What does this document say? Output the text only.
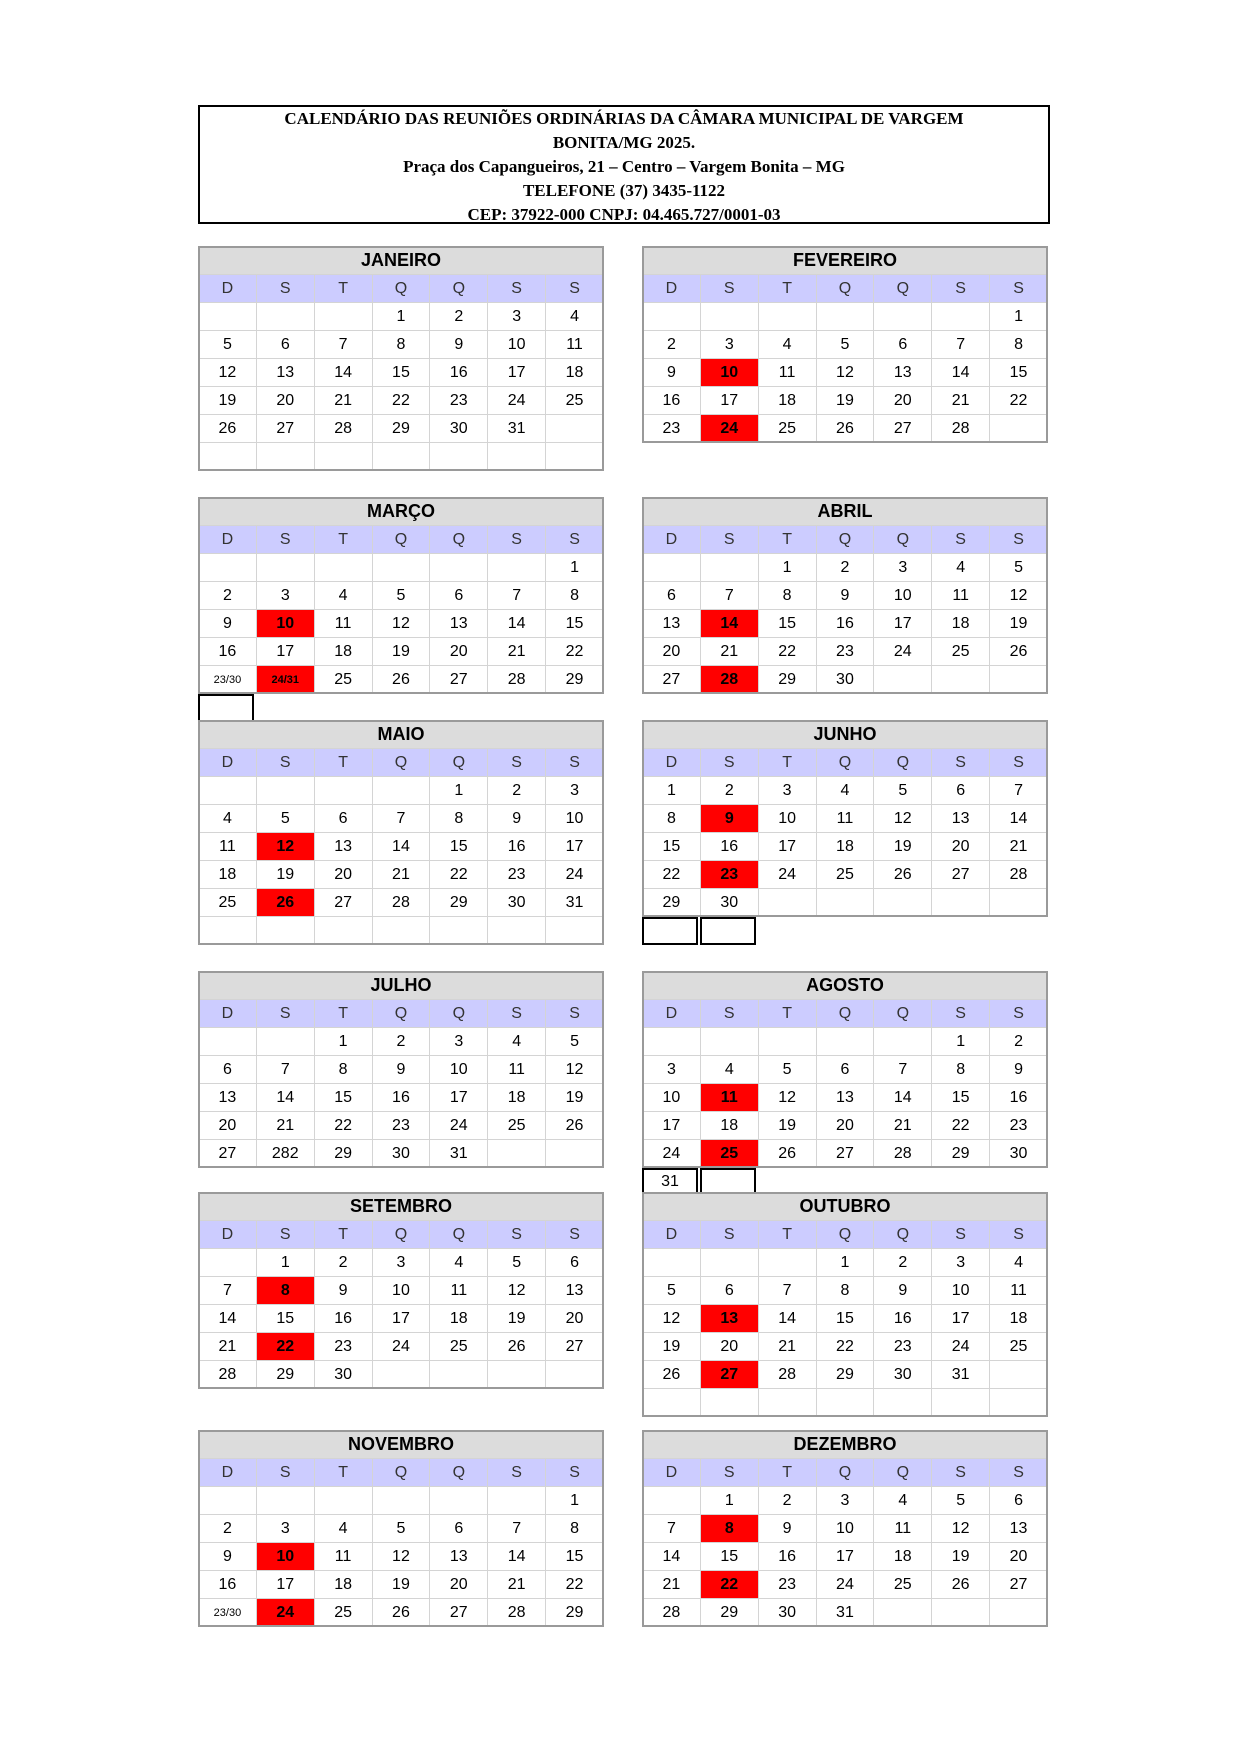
CALENDÁRIO DAS REUNIÕES ORDINÁRIAS DA CÂMARA MUNICIPAL DE VARGEM
BONITA/MG 2025.
Praça dos Capangueiros, 21 – Centro – Vargem Bonita – MG
TELEFONE (37) 3435-1122
CEP: 37922-000 CNPJ: 04.465.727/0001-03
JANEIRO						
D	S	T	Q	Q	S	S
			1	2	3	4
5	6	7	8	9	10	11
12	13	14	15	16	17	18
19	20	21	22	23	24	25
26	27	28	29	30	31	

FEVEREIRO						
D	S	T	Q	Q	S	S
						1
2	3	4	5	6	7	8
9	10	11	12	13	14	15
16	17	18	19	20	21	22
23	24	25	26	27	28	
MARÇO						
D	S	T	Q	Q	S	S
						1
2	3	4	5	6	7	8
9	10	11	12	13	14	15
16	17	18	19	20	21	22
23/30	24/31	25	26	27	28	29
ABRIL						
D	S	T	Q	Q	S	S
		1	2	3	4	5
6	7	8	9	10	11	12
13	14	15	16	17	18	19
20	21	22	23	24	25	26
27	28	29	30			
MAIO						
D	S	T	Q	Q	S	S
				1	2	3
4	5	6	7	8	9	10
11	12	13	14	15	16	17
18	19	20	21	22	23	24
25	26	27	28	29	30	31

JUNHO						
D	S	T	Q	Q	S	S
1	2	3	4	5	6	7
8	9	10	11	12	13	14
15	16	17	18	19	20	21
22	23	24	25	26	27	28
29	30					
JULHO						
D	S	T	Q	Q	S	S
		1	2	3	4	5
6	7	8	9	10	11	12
13	14	15	16	17	18	19
20	21	22	23	24	25	26
27	282	29	30	31		
AGOSTO						
D	S	T	Q	Q	S	S
					1	2
3	4	5	6	7	8	9
10	11	12	13	14	15	16
17	18	19	20	21	22	23
24	25	26	27	28	29	30
31
SETEMBRO						
D	S	T	Q	Q	S	S
	1	2	3	4	5	6
7	8	9	10	11	12	13
14	15	16	17	18	19	20
21	22	23	24	25	26	27
28	29	30				
OUTUBRO						
D	S	T	Q	Q	S	S
			1	2	3	4
5	6	7	8	9	10	11
12	13	14	15	16	17	18
19	20	21	22	23	24	25
26	27	28	29	30	31	

NOVEMBRO						
D	S	T	Q	Q	S	S
						1
2	3	4	5	6	7	8
9	10	11	12	13	14	15
16	17	18	19	20	21	22
23/30	24	25	26	27	28	29
DEZEMBRO						
D	S	T	Q	Q	S	S
	1	2	3	4	5	6
7	8	9	10	11	12	13
14	15	16	17	18	19	20
21	22	23	24	25	26	27
28	29	30	31			
